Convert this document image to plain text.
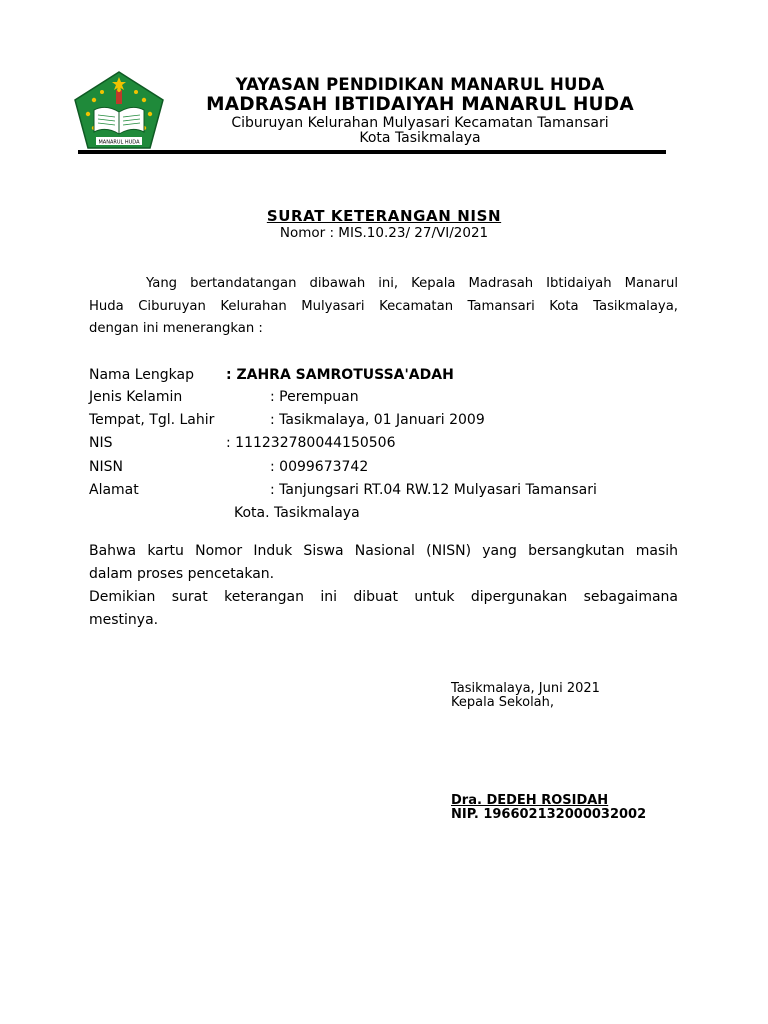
MANARUL HUDA
YAYASAN PENDIDIKAN MANARUL HUDA
MADRASAH IBTIDAIYAH MANARUL HUDA
Ciburuyan Kelurahan Mulyasari Kecamatan Tamansari
Kota Tasikmalaya
SURAT KETERANGAN NISN
Nomor : MIS.10.23/ 27/VI/2021
Yang bertandatangan dibawah ini, Kepala Madrasah Ibtidaiyah Manarul
Huda Ciburuyan Kelurahan Mulyasari Kecamatan Tamansari Kota Tasikmalaya,
dengan ini menerangkan :
Nama Lengkap : ZAHRA SAMROTUSSA'ADAH
Jenis Kelamin	: Perempuan
Tempat, Tgl. Lahir	: Tasikmalaya, 01 Januari 2009
NIS	: 111232780044150506
NISN	: 0099673742
Alamat	: Tanjungsari RT.04 RW.12 Mulyasari Tamansari
Kota. Tasikmalaya
Bahwa kartu Nomor Induk Siswa Nasional (NISN) yang bersangkutan masih
dalam proses pencetakan.
Demikian surat keterangan ini dibuat untuk dipergunakan sebagaimana
mestinya.
Tasikmalaya, Juni 2021
Kepala Sekolah,
Dra. DEDEH ROSIDAH
NIP. 196602132000032002
